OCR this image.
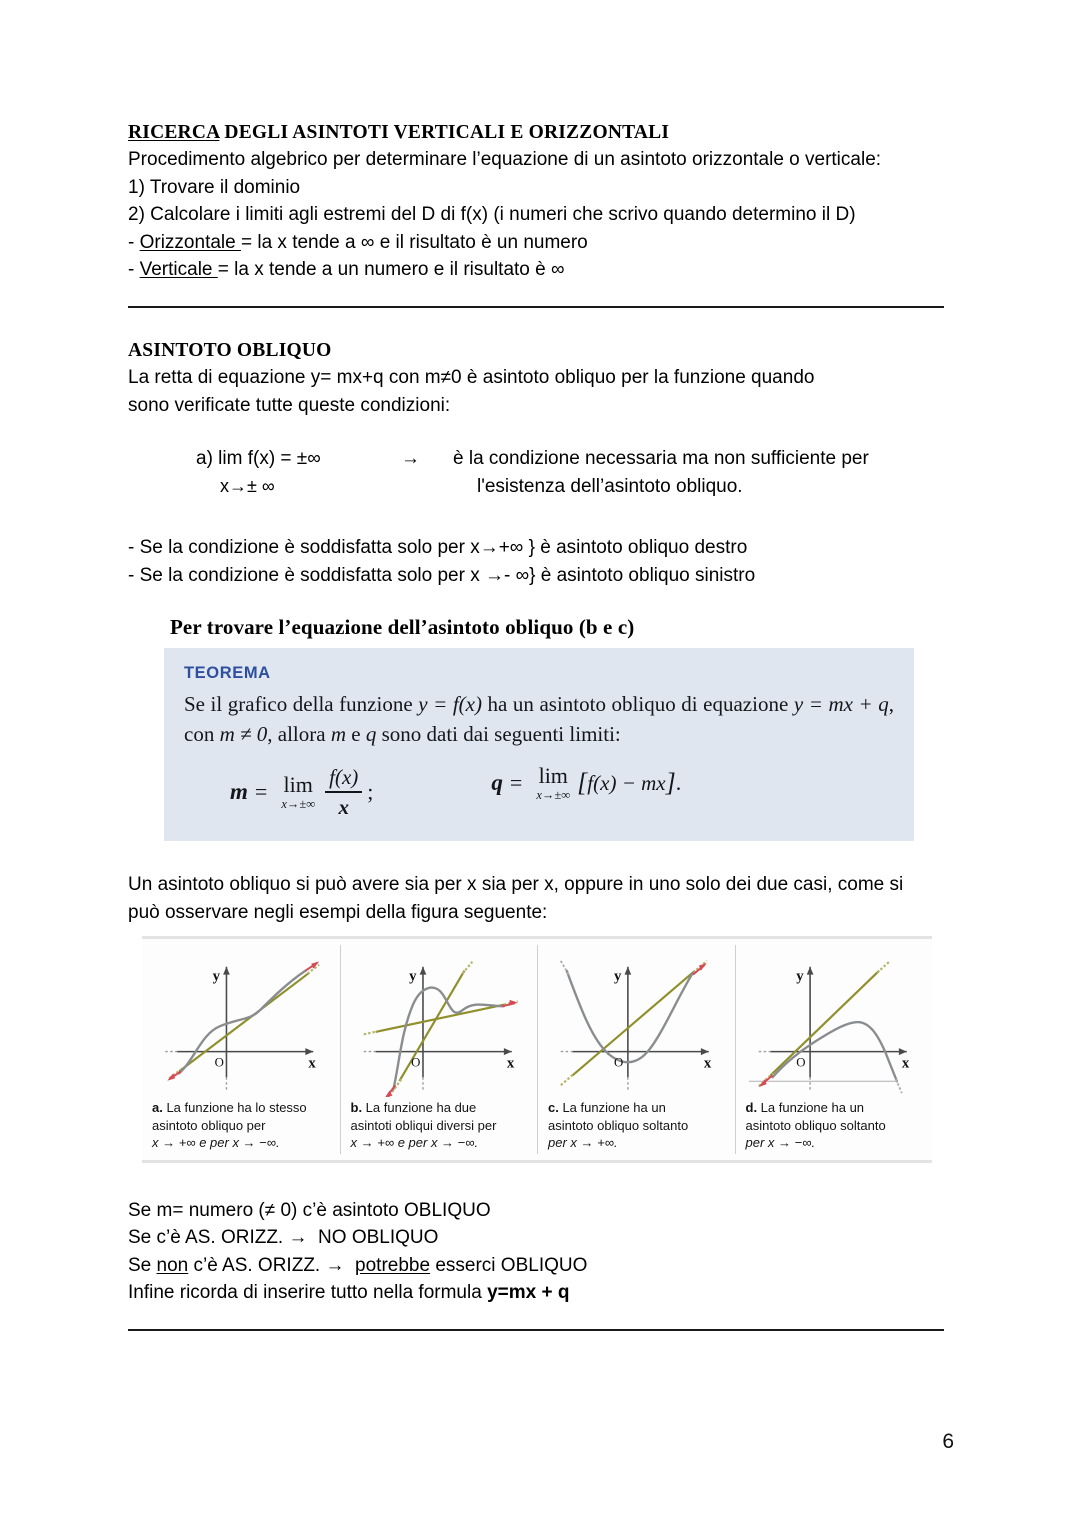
RICERCA DEGLI ASINTOTI VERTICALI E ORIZZONTALI
Procedimento algebrico per determinare l’equazione di un asintoto orizzontale o verticale:
1) Trovare il dominio
2) Calcolare i limiti agli estremi del D di f(x) (i numeri che scrivo quando determino il D)
- Orizzontale = la x tende a ∞ e il risultato è un numero
- Verticale = la x tende a un numero e il risultato è ∞
ASINTOTO OBLIQUO
La retta di equazione y= mx+q con m≠0 è asintoto obliquo per la funzione quando
sono verificate tutte queste condizioni:
a) lim f(x) = ±∞	→	è la condizione necessaria ma non sufficiente per
x→± ∞	l'esistenza dell’asintoto obliquo.
- Se la condizione è soddisfatta solo per x→+∞ } è asintoto obliquo destro
- Se la condizione è soddisfatta solo per x →- ∞} è asintoto obliquo sinistro
Per trovare l’equazione dell’asintoto obliquo (b e c)
TEOREMA
Se il grafico della funzione y = f(x) ha un asintoto obliquo di equazione y = mx + q, con m ≠ 0, allora m e q sono dati dai seguenti limiti:
m = lim
$x\to\pm\infty \frac{f(x)}{x}$ ;	q = lim
x→±∞ [ f(x) − mx ] .
Un asintoto obliquo si può avere sia per x sia per x, oppure in uno solo dei due casi, come si
può osservare negli esempi della figura seguente:
y
x
O
a. La funzione ha lo stesso
asintoto obliquo per
x → +∞ e per x → −∞.
y
x
O
b. La funzione ha due
asintoti obliqui diversi per
x → +∞ e per x → −∞.
y
x
O
c. La funzione ha un
asintoto obliquo soltanto
per x → +∞.
y
x
O
d. La funzione ha un
asintoto obliquo soltanto
per x → −∞.
Se m= numero (≠ 0) c’è asintoto OBLIQUO
Se c’è AS. ORIZZ. →  NO OBLIQUO
Se non c’è AS. ORIZZ. →  potrebbe esserci OBLIQUO
Infine ricorda di inserire tutto nella formula y=mx + q
6
